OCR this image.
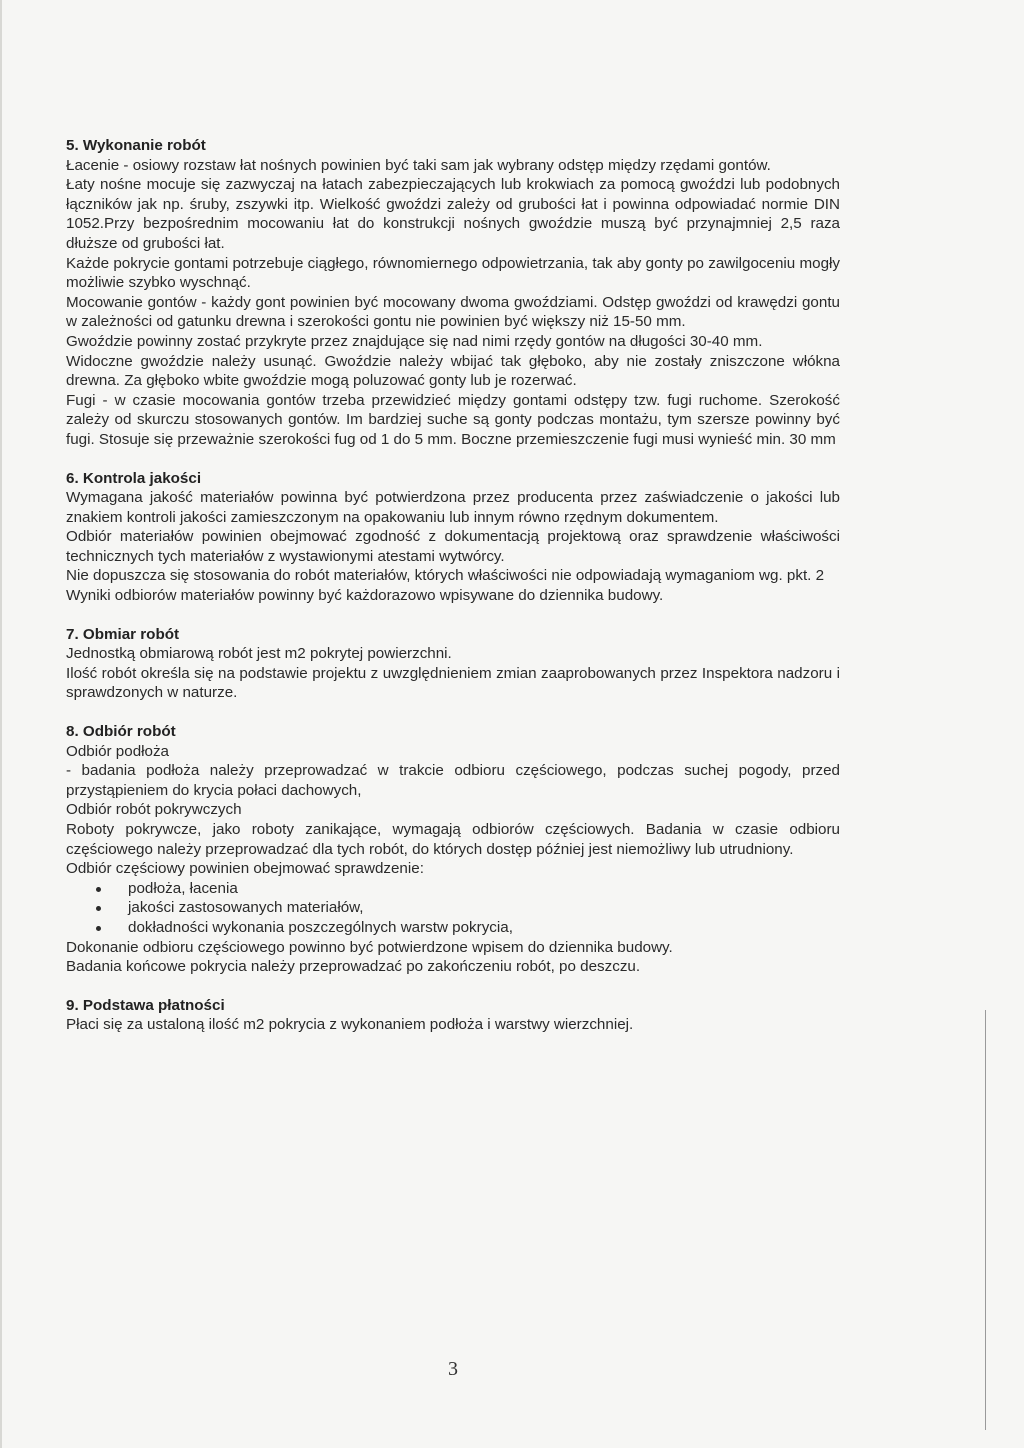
5. Wykonanie robót
Łacenie - osiowy rozstaw łat nośnych powinien być taki sam jak wybrany odstęp między rzędami gontów.
Łaty nośne mocuje się zazwyczaj na łatach zabezpieczających lub krokwiach za pomocą gwoździ lub podobnych łączników jak np. śruby, zszywki itp. Wielkość gwoździ zależy od grubości łat i powinna odpowiadać normie DIN 1052.Przy bezpośrednim mocowaniu łat do konstrukcji nośnych gwoździe muszą być przynajmniej 2,5 raza dłuższe od grubości łat.
Każde pokrycie gontami potrzebuje ciągłego, równomiernego odpowietrzania, tak aby gonty po zawilgoceniu mogły możliwie szybko wyschnąć.
Mocowanie gontów - każdy gont powinien być mocowany dwoma gwoździami. Odstęp gwoździ od krawędzi gontu w zależności od gatunku drewna i szerokości gontu nie powinien być większy niż 15-50 mm.
Gwoździe powinny zostać przykryte przez znajdujące się nad nimi rzędy gontów na długości 30-40 mm.
Widoczne gwoździe należy usunąć. Gwoździe należy wbijać tak głęboko, aby nie zostały zniszczone włókna drewna. Za głęboko wbite gwoździe mogą poluzować gonty lub je rozerwać.
Fugi - w czasie mocowania gontów trzeba przewidzieć między gontami odstępy tzw. fugi ruchome. Szerokość zależy od skurczu stosowanych gontów. Im bardziej suche są gonty podczas montażu, tym szersze powinny być fugi. Stosuje się przeważnie szerokości fug od 1 do 5 mm. Boczne przemieszczenie fugi musi wynieść min. 30 mm
6. Kontrola jakości
Wymagana jakość materiałów powinna być potwierdzona przez producenta przez zaświadczenie o jakości lub znakiem kontroli jakości zamieszczonym na opakowaniu lub innym równo rzędnym dokumentem.
Odbiór materiałów powinien obejmować zgodność z dokumentacją projektową oraz sprawdzenie właściwości technicznych tych materiałów z wystawionymi atestami wytwórcy.
Nie dopuszcza się stosowania do robót materiałów, których właściwości nie odpowiadają wymaganiom wg. pkt. 2
Wyniki odbiorów materiałów powinny być każdorazowo wpisywane do dziennika budowy.
7. Obmiar robót
Jednostką obmiarową robót jest m2 pokrytej powierzchni.
Ilość robót określa się na podstawie projektu z uwzględnieniem zmian zaaprobowanych przez Inspektora nadzoru i sprawdzonych w naturze.
8. Odbiór robót
Odbiór podłoża
- badania podłoża należy przeprowadzać w trakcie odbioru częściowego, podczas suchej pogody, przed przystąpieniem do krycia połaci dachowych,
Odbiór robót pokrywczych
Roboty pokrywcze, jako roboty zanikające, wymagają odbiorów częściowych. Badania w czasie odbioru częściowego należy przeprowadzać dla tych robót, do których dostęp później jest niemożliwy lub utrudniony.
Odbiór częściowy powinien obejmować sprawdzenie:
podłoża, łacenia
jakości zastosowanych materiałów,
dokładności wykonania poszczególnych warstw pokrycia,
Dokonanie odbioru częściowego powinno być potwierdzone wpisem do dziennika budowy.
Badania końcowe pokrycia należy przeprowadzać po zakończeniu robót, po deszczu.
9. Podstawa płatności
Płaci się za ustaloną ilość m2 pokrycia z wykonaniem podłoża i warstwy wierzchniej.
3
